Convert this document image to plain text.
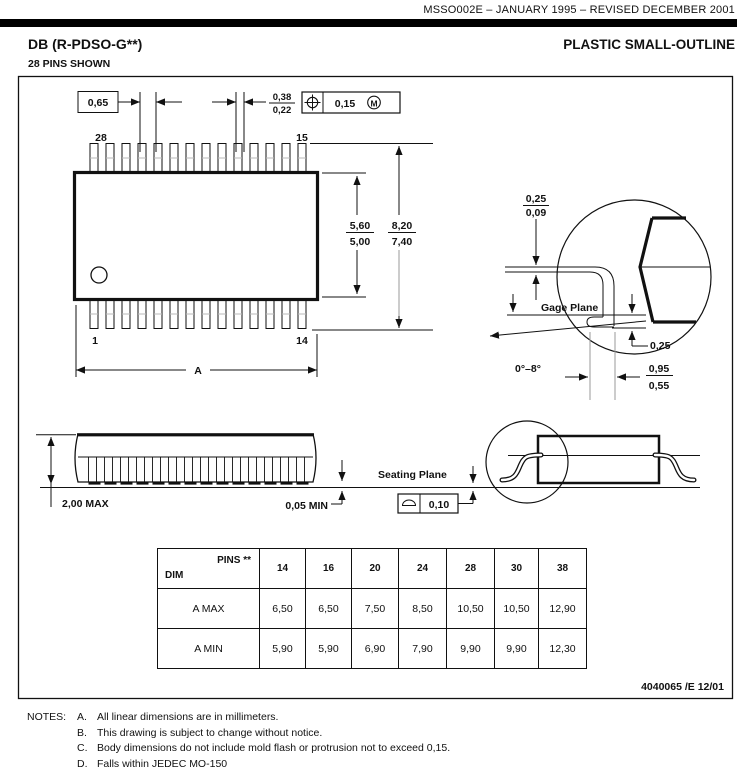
MSSO002E – JANUARY 1995 – REVISED DECEMBER 2001
DB (R-PDSO-G**)
28 PINS SHOWN
PLASTIC SMALL-OUTLINE
28	15
1	14
0,65	0,38
0,22
0,15 M
5,60
5,00
8,20
7,40
A
Gage Plane
0,25
0,09
0,25
0°–8°	0,95
0,55
2,00 MAX	0,05 MIN
Seating Plane
0,10
4040065 /E 12/01
PINS **
DIM	14	16	20	24	28	30	38
A MAX	6,50	6,50	7,50	8,50	10,50	10,50	12,90
A MIN	5,90	5,90	6,90	7,90	9,90	9,90	12,30
NOTES:	A. All linear dimensions are in millimeters.
B. This drawing is subject to change without notice.
C. Body dimensions do not include mold flash or protrusion not to exceed 0,15.
D. Falls within JEDEC MO-150
